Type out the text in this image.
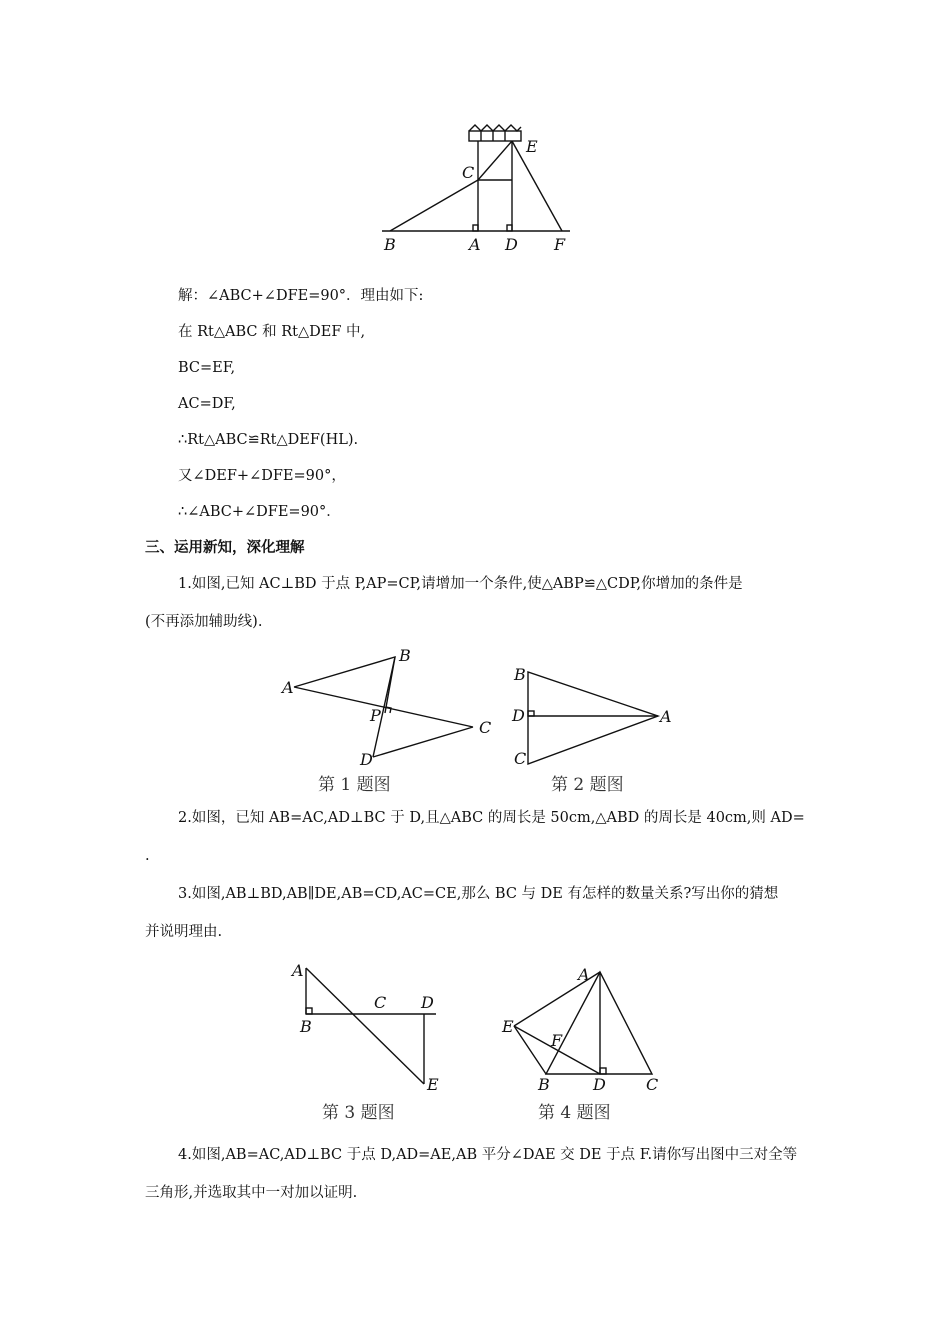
B	A D F
C
E
解：∠ABC+∠DFE=90°．理由如下:
在 Rt△ABC 和 Rt△DEF 中,
BC=EF,
AC=DF,
∴Rt△ABC≌Rt△DEF(HL).
又∠DEF+∠DFE=90°，
∴∠ABC+∠DFE=90°．
三、运用新知，深化理解
1.如图,已知 AC⊥BD 于点 P,AP=CP,请增加一个条件,使△ABP≌△CDP,你增加的条件是
(不再添加辅助线).
A
B
P
C
D
第 1 题图
B
D
C
A
第 2 题图
2.如图，已知 AB=AC,AD⊥BC 于 D,且△ABC 的周长是 50cm,△ABD 的周长是 40cm,则 AD=
.
3.如图,AB⊥BD,AB∥DE,AB=CD,AC=CE,那么 BC 与 DE 有怎样的数量关系?写出你的猜想
并说明理由.
A
B
C D
E
第 3 题图
A
E
F
B	D	C
第 4 题图
4.如图,AB=AC,AD⊥BC 于点 D,AD=AE,AB 平分∠DAE 交 DE 于点 F.请你写出图中三对全等
三角形,并选取其中一对加以证明.
